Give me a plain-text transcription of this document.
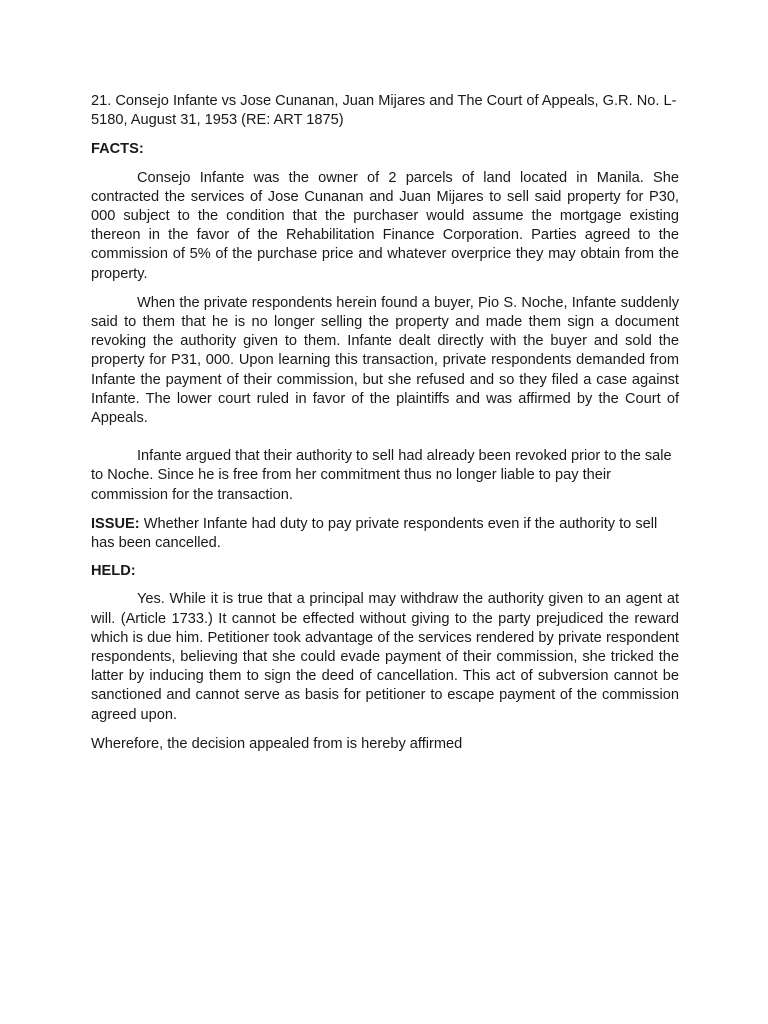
21. Consejo Infante vs Jose Cunanan, Juan Mijares and The Court of Appeals, G.R. No. L-5180, August 31, 1953 (RE: ART 1875)

FACTS:

Consejo Infante was the owner of 2 parcels of land located in Manila. She contracted the services of Jose Cunanan and Juan Mijares to sell said property for P30, 000 subject to the condition that the purchaser would assume the mortgage existing thereon in the favor of the Rehabilitation Finance Corporation. Parties agreed to the commission of 5% of the purchase price and whatever overprice they may obtain from the property.

When the private respondents herein found a buyer, Pio S. Noche, Infante suddenly said to them that he is no longer selling the property and made them sign a document revoking the authority given to them. Infante dealt directly with the buyer and sold the property for P31, 000. Upon learning this transaction, private respondents demanded from Infante the payment of their commission, but she refused and so they filed a case against Infante. The lower court ruled in favor of the plaintiffs and was affirmed by the Court of Appeals.

Infante argued that their authority to sell had already been revoked prior to the sale to Noche. Since he is free from her commitment thus no longer liable to pay their commission for the transaction.

ISSUE: Whether Infante had duty to pay private respondents even if the authority to sell has been cancelled.

HELD:

Yes. While it is true that a principal may withdraw the authority given to an agent at will. (Article 1733.) It cannot be effected without giving to the party prejudiced the reward which is due him. Petitioner took advantage of the services rendered by private respondent respondents, believing that she could evade payment of their commission, she tricked the latter by inducing them to sign the deed of cancellation. This act of subversion cannot be sanctioned and cannot serve as basis for petitioner to escape payment of the commission agreed upon.

Wherefore, the decision appealed from is hereby affirmed
